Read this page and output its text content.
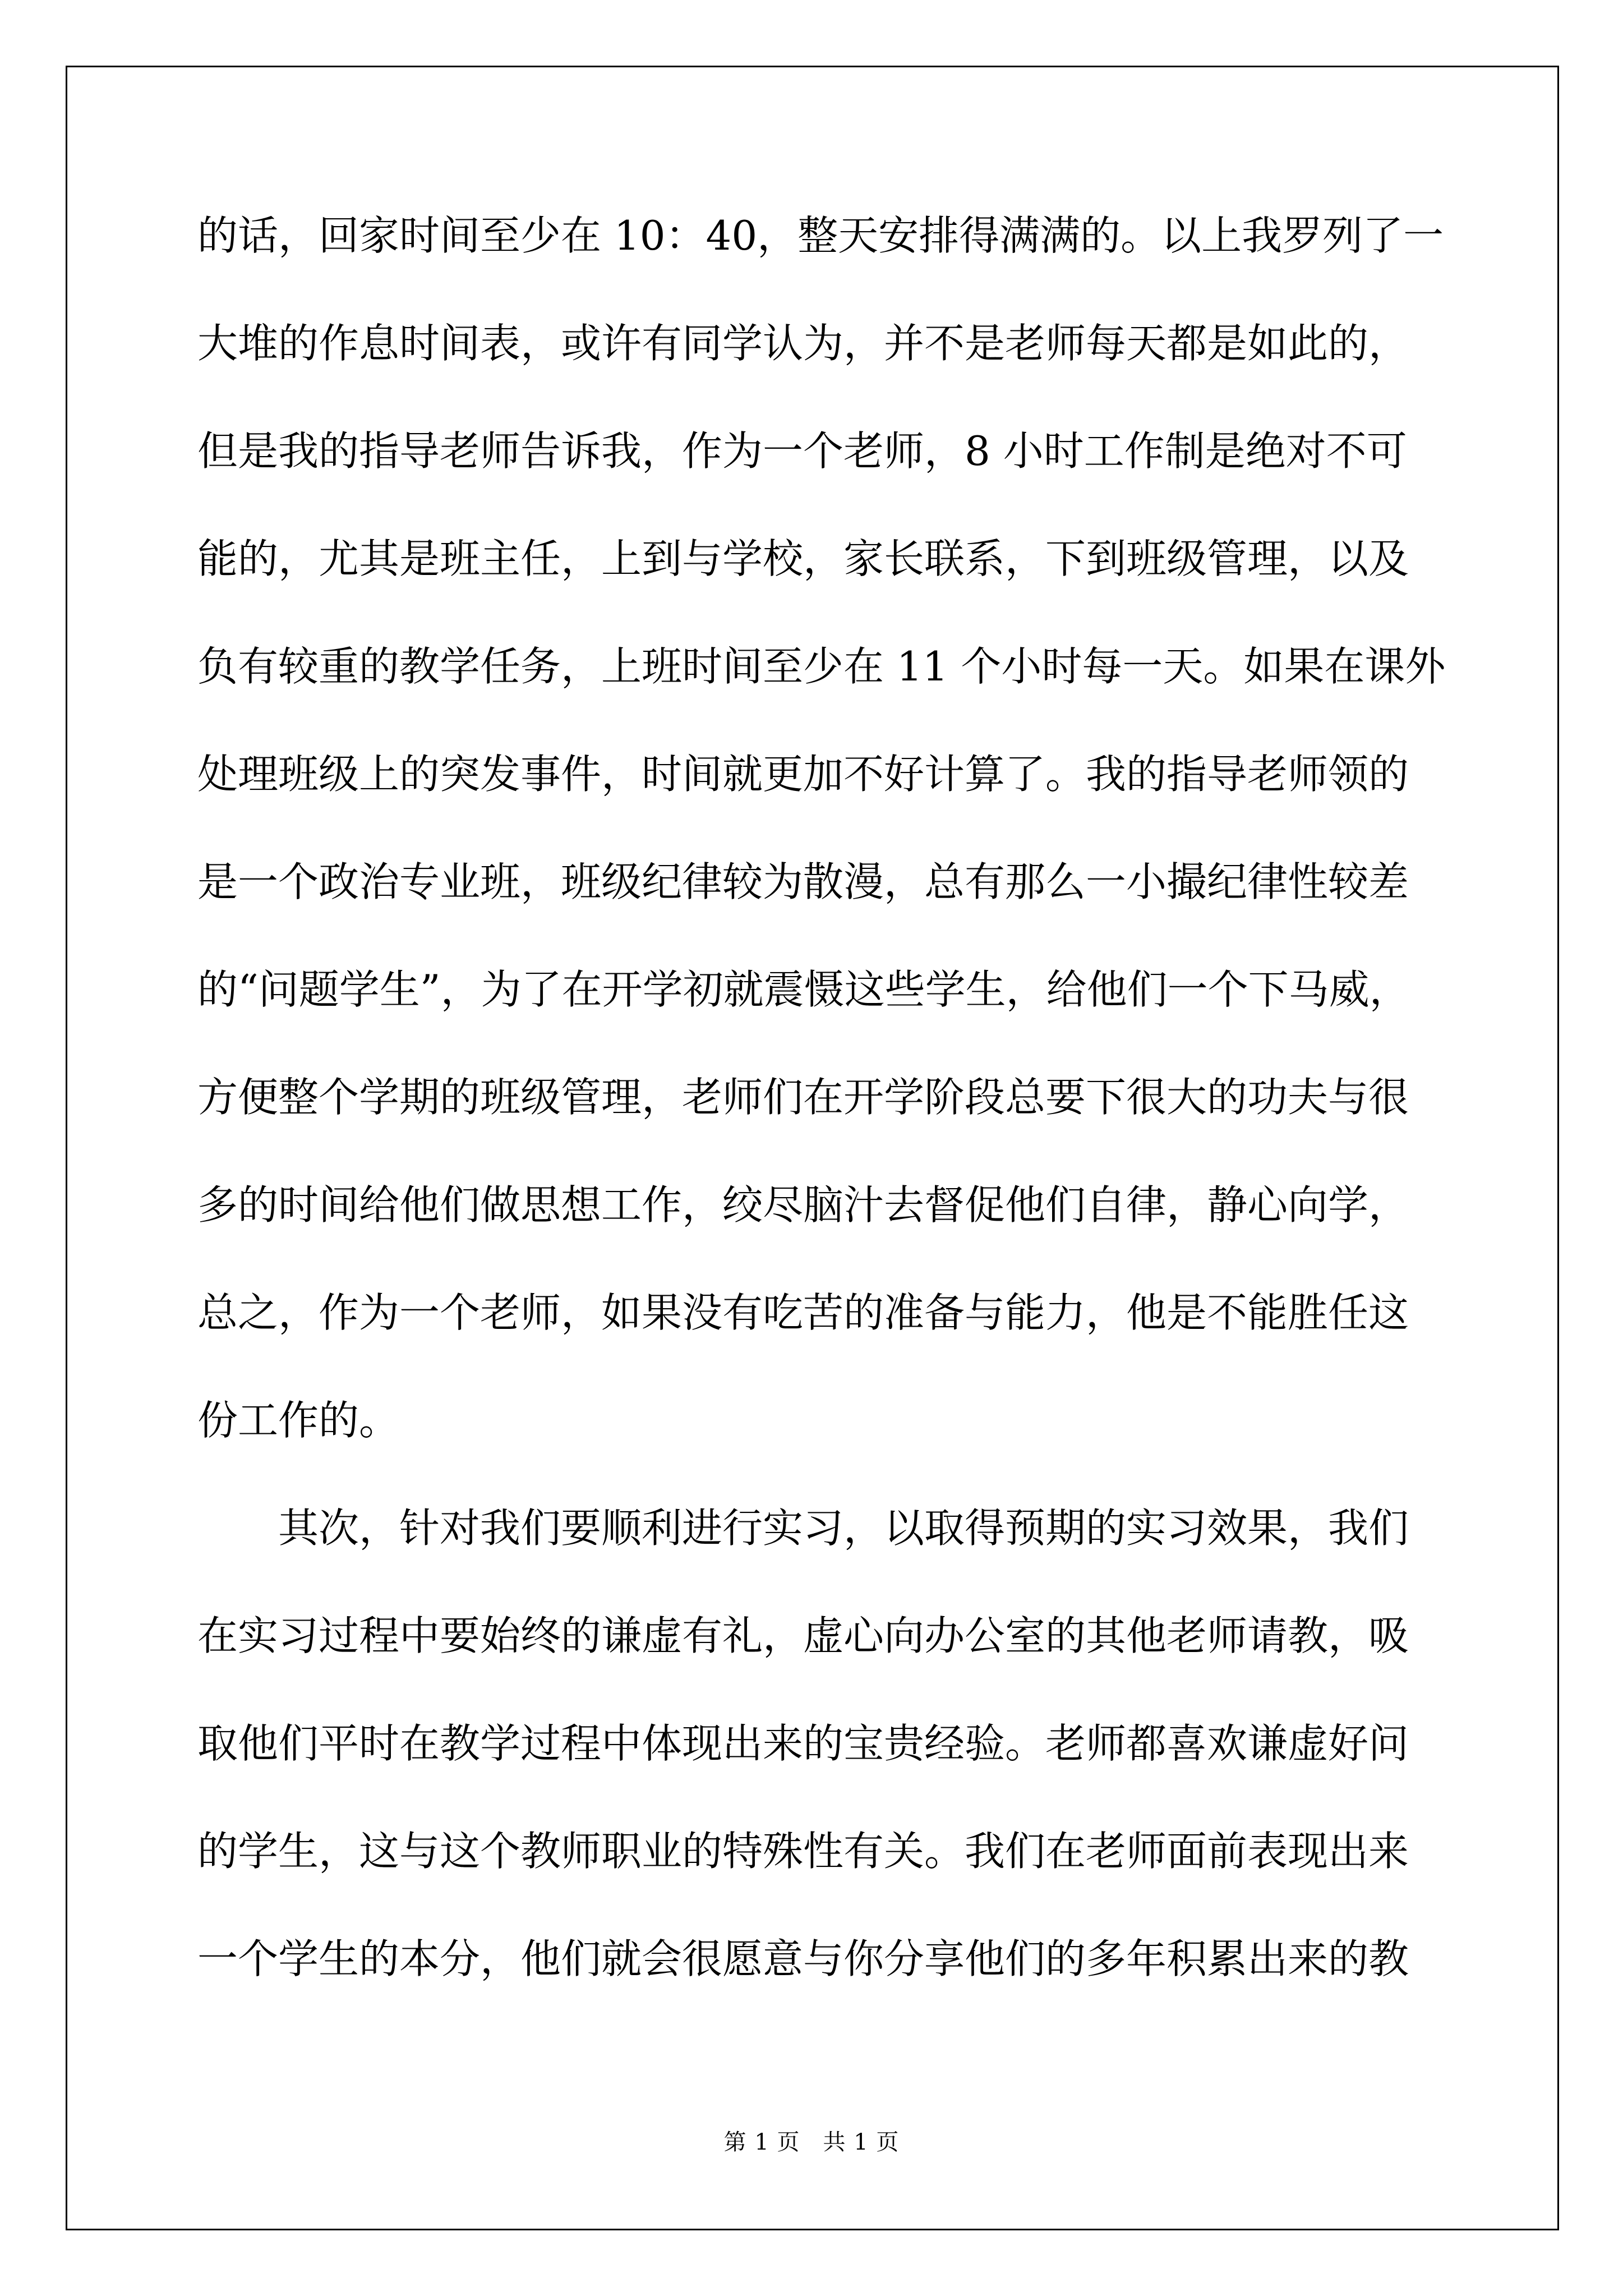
的话，回家时间至少在 10：40，整天安排得满满的。以上我罗列了一
大堆的作息时间表，或许有同学认为，并不是老师每天都是如此的，
但是我的指导老师告诉我，作为一个老师，8 小时工作制是绝对不可
能的，尤其是班主任，上到与学校，家长联系，下到班级管理，以及
负有较重的教学任务，上班时间至少在 11 个小时每一天。如果在课外
处理班级上的突发事件，时间就更加不好计算了。我的指导老师领的
是一个政治专业班，班级纪律较为散漫，总有那么一小撮纪律性较差
的“问题学生”，为了在开学初就震慑这些学生，给他们一个下马威，
方便整个学期的班级管理，老师们在开学阶段总要下很大的功夫与很
多的时间给他们做思想工作，绞尽脑汁去督促他们自律，静心向学，
总之，作为一个老师，如果没有吃苦的准备与能力，他是不能胜任这
份工作的。
其次，针对我们要顺利进行实习，以取得预期的实习效果，我们
在实习过程中要始终的谦虚有礼，虚心向办公室的其他老师请教，吸
取他们平时在教学过程中体现出来的宝贵经验。老师都喜欢谦虚好问
的学生，这与这个教师职业的特殊性有关。我们在老师面前表现出来
一个学生的本分，他们就会很愿意与你分享他们的多年积累出来的教
第 1 页　共 1 页
